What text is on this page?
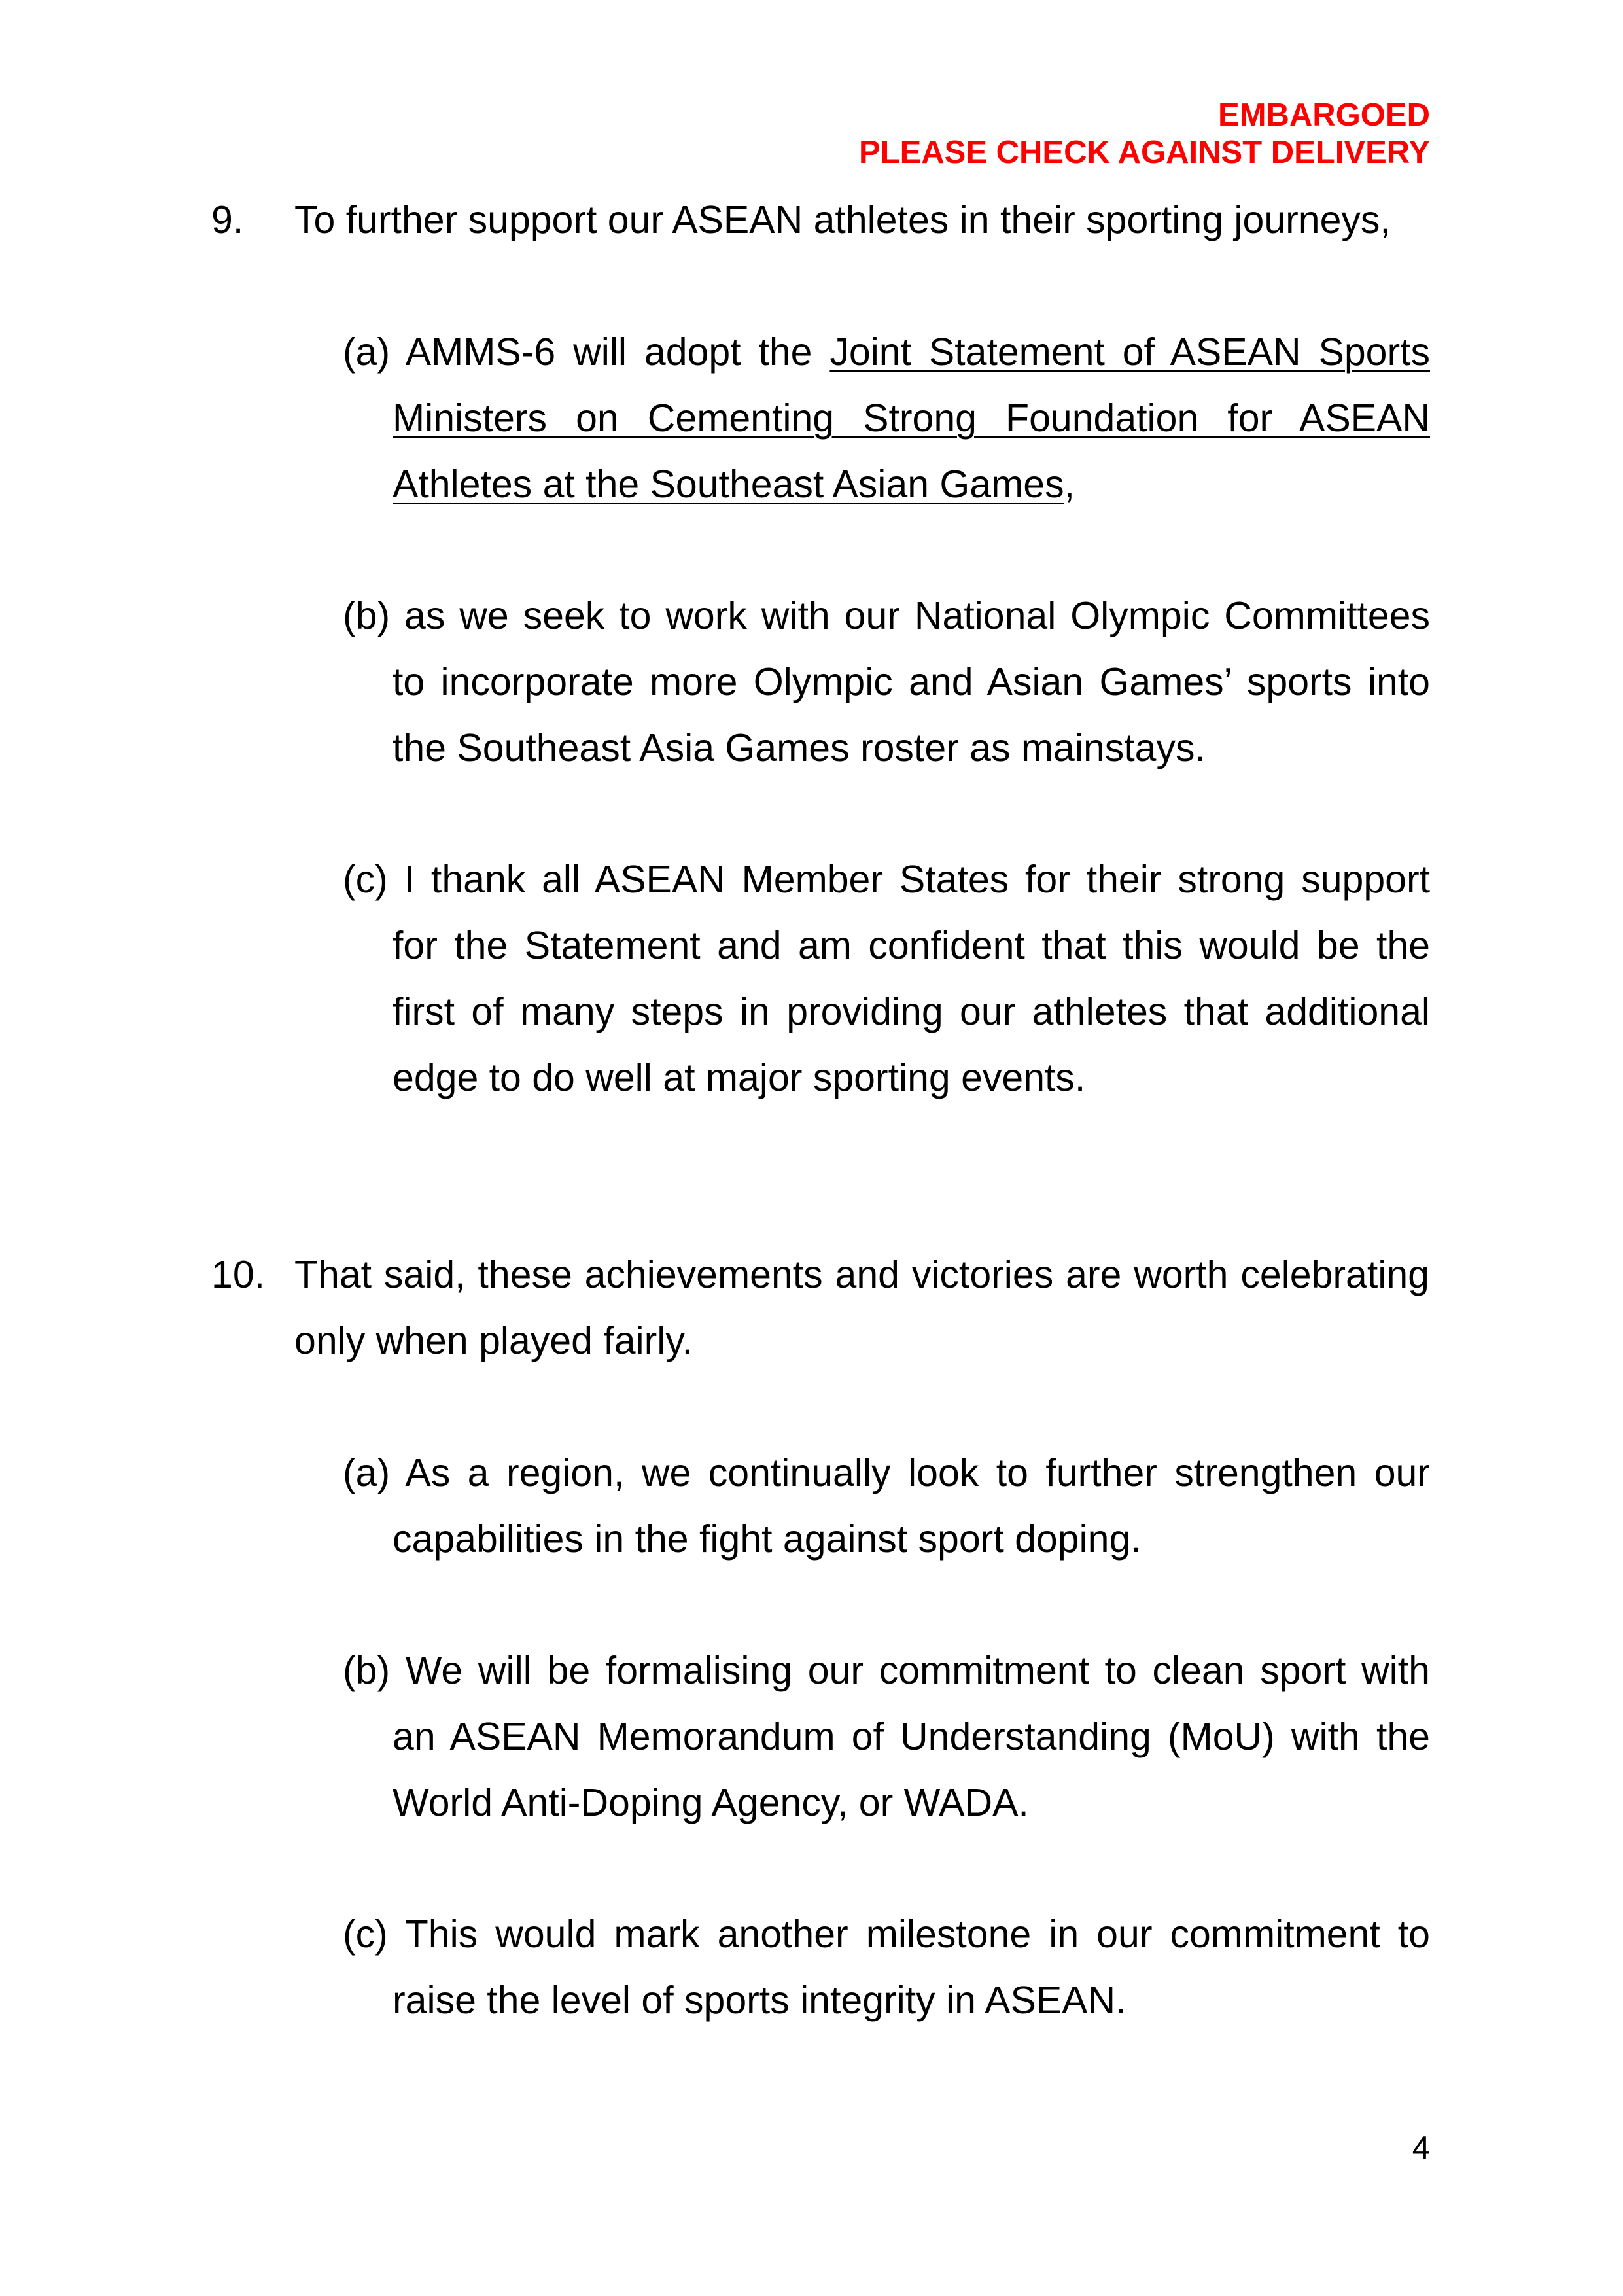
EMBARGOED
PLEASE CHECK AGAINST DELIVERY
9. To further support our ASEAN athletes in their sporting journeys,
(a) AMMS-6 will adopt the Joint Statement of ASEAN Sports Ministers on Cementing Strong Foundation for ASEAN Athletes at the Southeast Asian Games,
(b) as we seek to work with our National Olympic Committees to incorporate more Olympic and Asian Games’ sports into the Southeast Asia Games roster as mainstays.
(c) I thank all ASEAN Member States for their strong support for the Statement and am confident that this would be the first of many steps in providing our athletes that additional edge to do well at major sporting events.
10. That said, these achievements and victories are worth celebrating only when played fairly.
(a) As a region, we continually look to further strengthen our capabilities in the fight against sport doping.
(b) We will be formalising our commitment to clean sport with an ASEAN Memorandum of Understanding (MoU) with the World Anti-Doping Agency, or WADA.
(c) This would mark another milestone in our commitment to raise the level of sports integrity in ASEAN.
4
